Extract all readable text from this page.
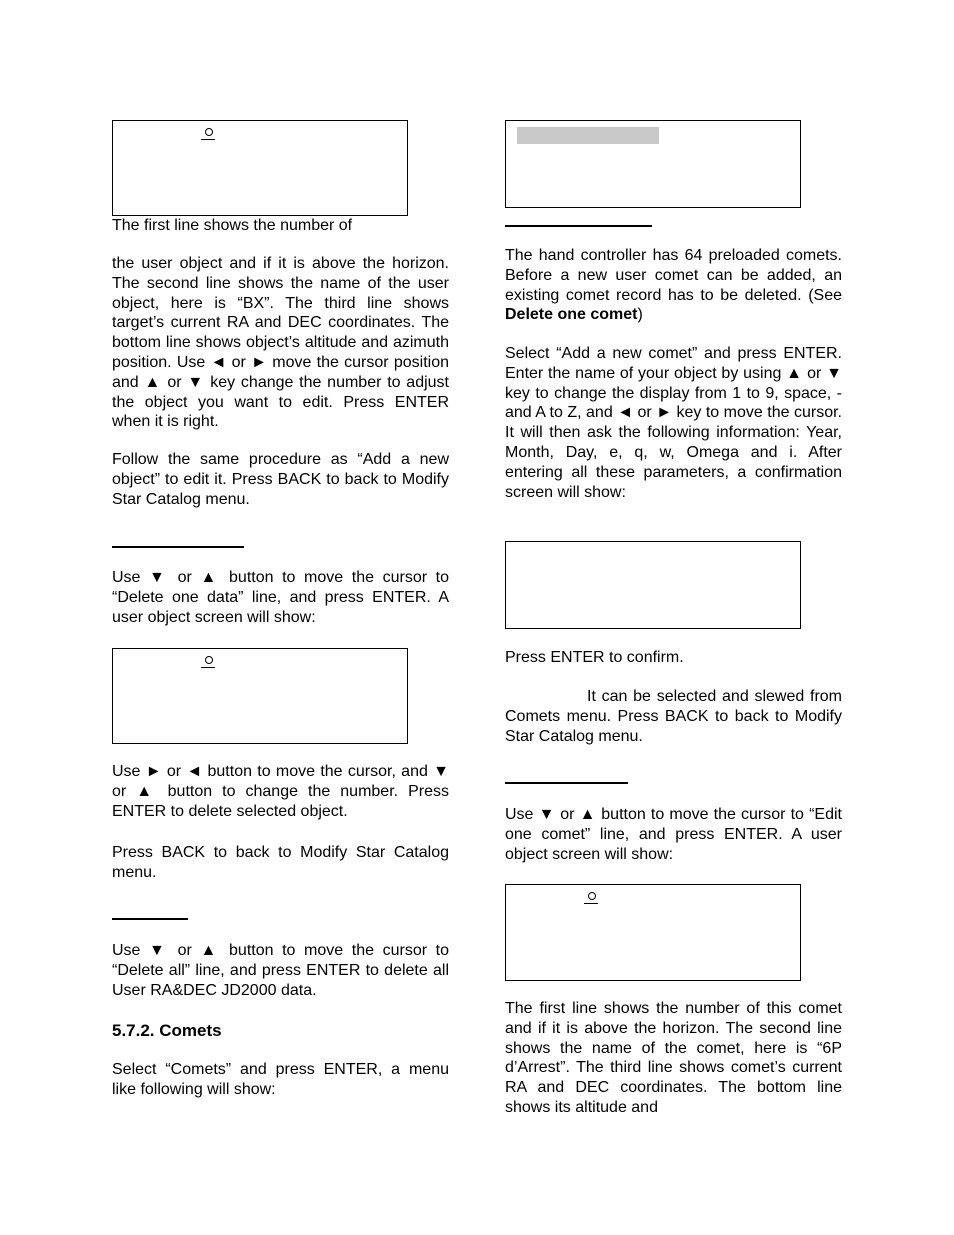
The first line shows the number of

the user object and if it is above the horizon. The second line shows the name of the user object, here is “BX”. The third line shows target’s current RA and DEC coordinates. The bottom line shows object’s altitude and azimuth position. Use ◄ or ► move the cursor position and ▲ or ▼ key change the number to adjust the object you want to edit. Press ENTER when it is right.

Follow the same procedure as “Add a new object” to edit it. Press BACK to back to Modify Star Catalog menu.

Use ▼ or ▲ button to move the cursor to “Delete one data” line, and press ENTER. A user object screen will show:

Use ► or ◄ button to move the cursor, and ▼ or ▲ button to change the number. Press ENTER to delete selected object.

Press BACK to back to Modify Star Catalog menu.

Use ▼ or ▲ button to move the cursor to “Delete all” line, and press ENTER to delete all User RA&DEC JD2000 data.

5.7.2. Comets

Select “Comets” and press ENTER, a menu like following will show:

The hand controller has 64 preloaded comets. Before a new user comet can be added, an existing comet record has to be deleted. (See Delete one comet)

Select “Add a new comet” and press ENTER. Enter the name of your object by using ▲ or ▼ key to change the display from 1 to 9, space, - and A to Z, and ◄ or ► key to move the cursor. It will then ask the following information: Year, Month, Day, e, q, w, Omega and i. After entering all these parameters, a confirmation screen will show:

Press ENTER to confirm.

It can be selected and slewed from Comets menu. Press BACK to back to Modify Star Catalog menu.

Use ▼ or ▲ button to move the cursor to “Edit one comet” line, and press ENTER. A user object screen will show:

The first line shows the number of this comet and if it is above the horizon. The second line shows the name of the comet, here is “6P d’Arrest”. The third line shows comet’s current RA and DEC coordinates. The bottom line shows its altitude and
